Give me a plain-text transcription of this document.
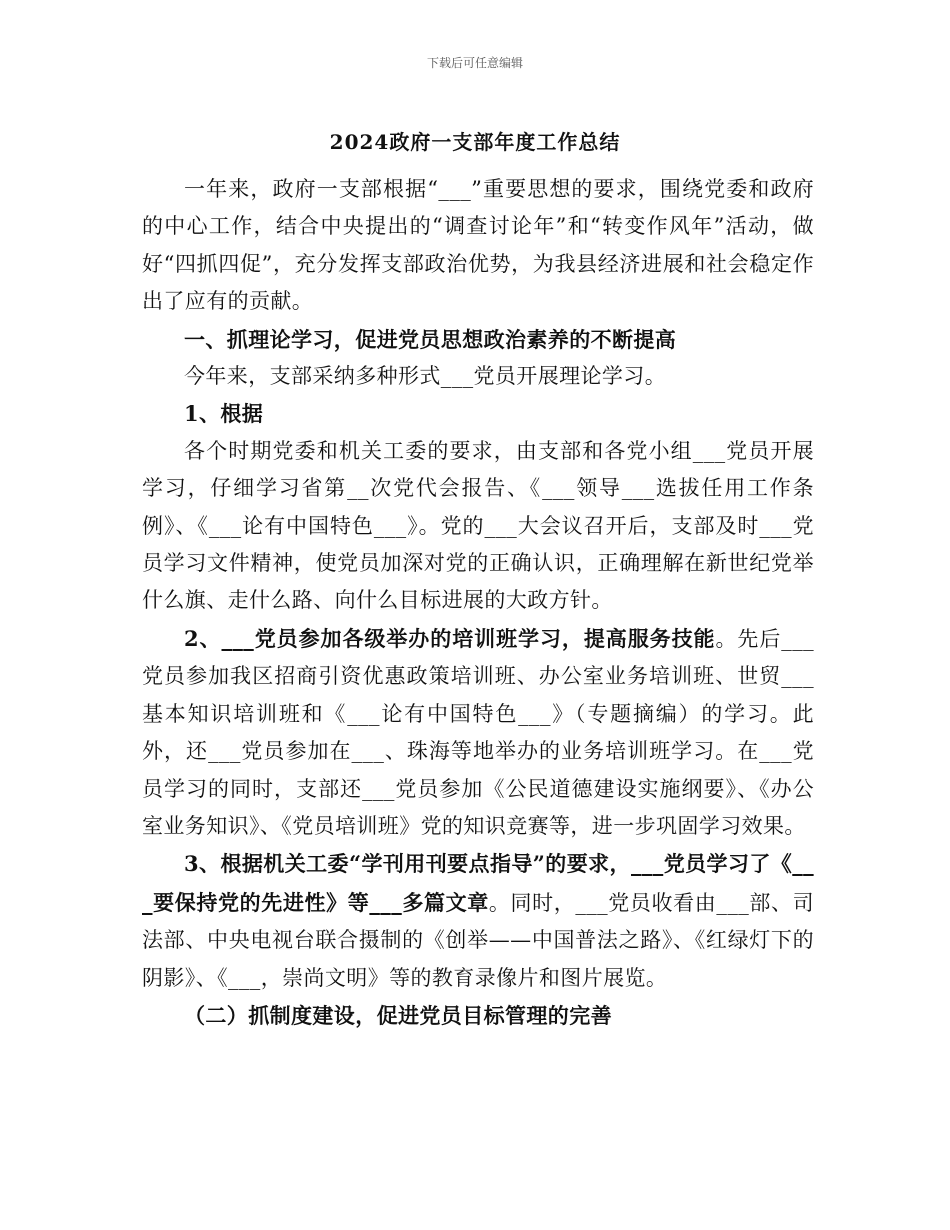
下载后可任意编辑
2024政府一支部年度工作总结

一年来，政府一支部根据“___”重要思想的要求，围绕党委和政府的中心工作，结合中央提出的“调查讨论年”和“转变作风年”活动，做好“四抓四促”，充分发挥支部政治优势，为我县经济进展和社会稳定作出了应有的贡献。

一、抓理论学习，促进党员思想政治素养的不断提高

今年来，支部采纳多种形式___党员开展理论学习。

1、根据

各个时期党委和机关工委的要求，由支部和各党小组___党员开展学习，仔细学习省第__次党代会报告、《___领导___选拔任用工作条例》、《___论有中国特色___》。党的___大会议召开后，支部及时___党员学习文件精神，使党员加深对党的正确认识，正确理解在新世纪党举什么旗、走什么路、向什么目标进展的大政方针。

2、___党员参加各级举办的培训班学习，提高服务技能。先后___党员参加我区招商引资优惠政策培训班、办公室业务培训班、世贸___基本知识培训班和《___论有中国特色___》（专题摘编）的学习。此外，还___党员参加在___、珠海等地举办的业务培训班学习。在___党员学习的同时，支部还___党员参加《公民道德建设实施纲要》、《办公室业务知识》、《党员培训班》党的知识竞赛等，进一步巩固学习效果。

3、根据机关工委“学刊用刊要点指导”的要求，___党员学习了《___要保持党的先进性》等___多篇文章。同时，___党员收看由___部、司法部、中央电视台联合摄制的《创举——中国普法之路》、《红绿灯下的阴影》、《___，崇尚文明》等的教育录像片和图片展览。

（二）抓制度建设，促进党员目标管理的完善
